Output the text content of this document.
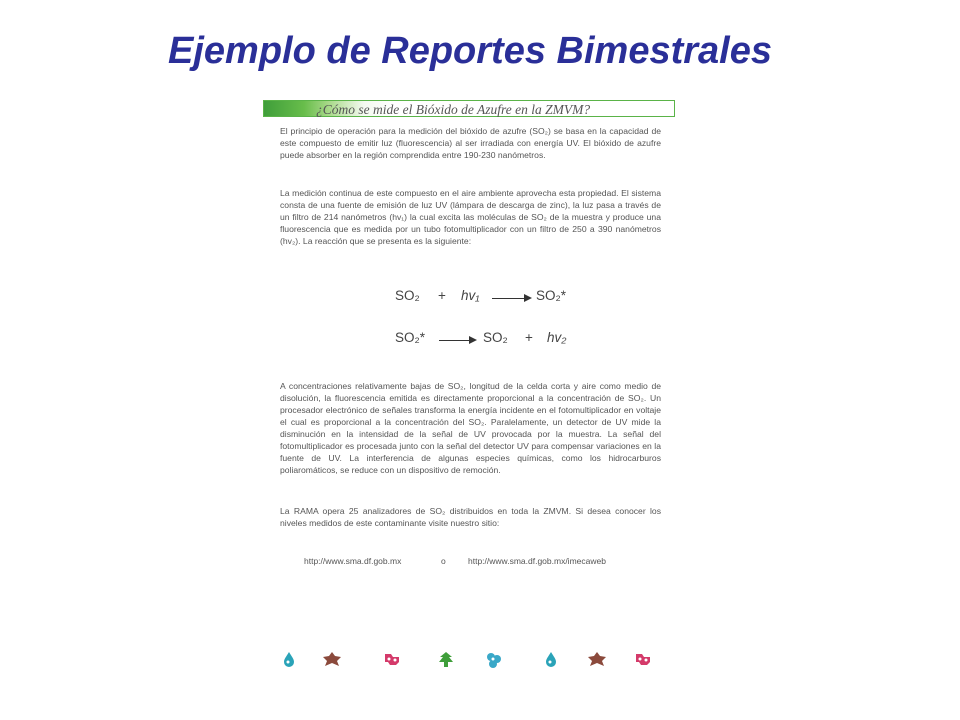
Ejemplo de Reportes Bimestrales
¿Cómo se mide el Bióxido de Azufre en la ZMVM?

El principio de operación para la medición del bióxido de azufre (SO₂) se basa en la capacidad de este compuesto de emitir luz (fluorescencia) al ser irradiada con energía UV. El bióxido de azufre puede absorber en la región comprendida entre 190-230 nanómetros.

La medición continua de este compuesto en el aire ambiente aprovecha esta propiedad. El sistema consta de una fuente de emisión de luz UV (lámpara de descarga de zinc), la luz pasa a través de un filtro de 214 nanómetros (hv₁) la cual excita las moléculas de SO₂ de la muestra y produce una fluorescencia que es medida por un tubo fotomultiplicador con un filtro de 250 a 390 nanómetros (hv₂). La reacción que se presenta es la siguiente:

SO₂ + hv₁	SO₂*
SO₂*	SO₂ + hv₂

A concentraciones relativamente bajas de SO₂, longitud de la celda corta y aire como medio de disolución, la fluorescencia emitida es directamente proporcional a la concentración de SO₂. Un procesador electrónico de señales transforma la energía incidente en el fotomultiplicador en voltaje el cual es proporcional a la concentración del SO₂. Paralelamente, un detector de UV mide la disminución en la intensidad de la señal de UV provocada por la muestra. La señal del fotomultiplicador es procesada junto con la señal del detector UV para compensar variaciones en la fuente de UV. La interferencia de algunas especies químicas, como los hidrocarburos poliaromáticos, se reduce con un dispositivo de remoción.

La RAMA opera 25 analizadores de SO₂ distribuidos en toda la ZMVM. Si desea conocer los niveles medidos de este contaminante visite nuestro sitio:

http://www.sma.df.gob.mx	o	http://www.sma.df.gob.mx/imecaweb
